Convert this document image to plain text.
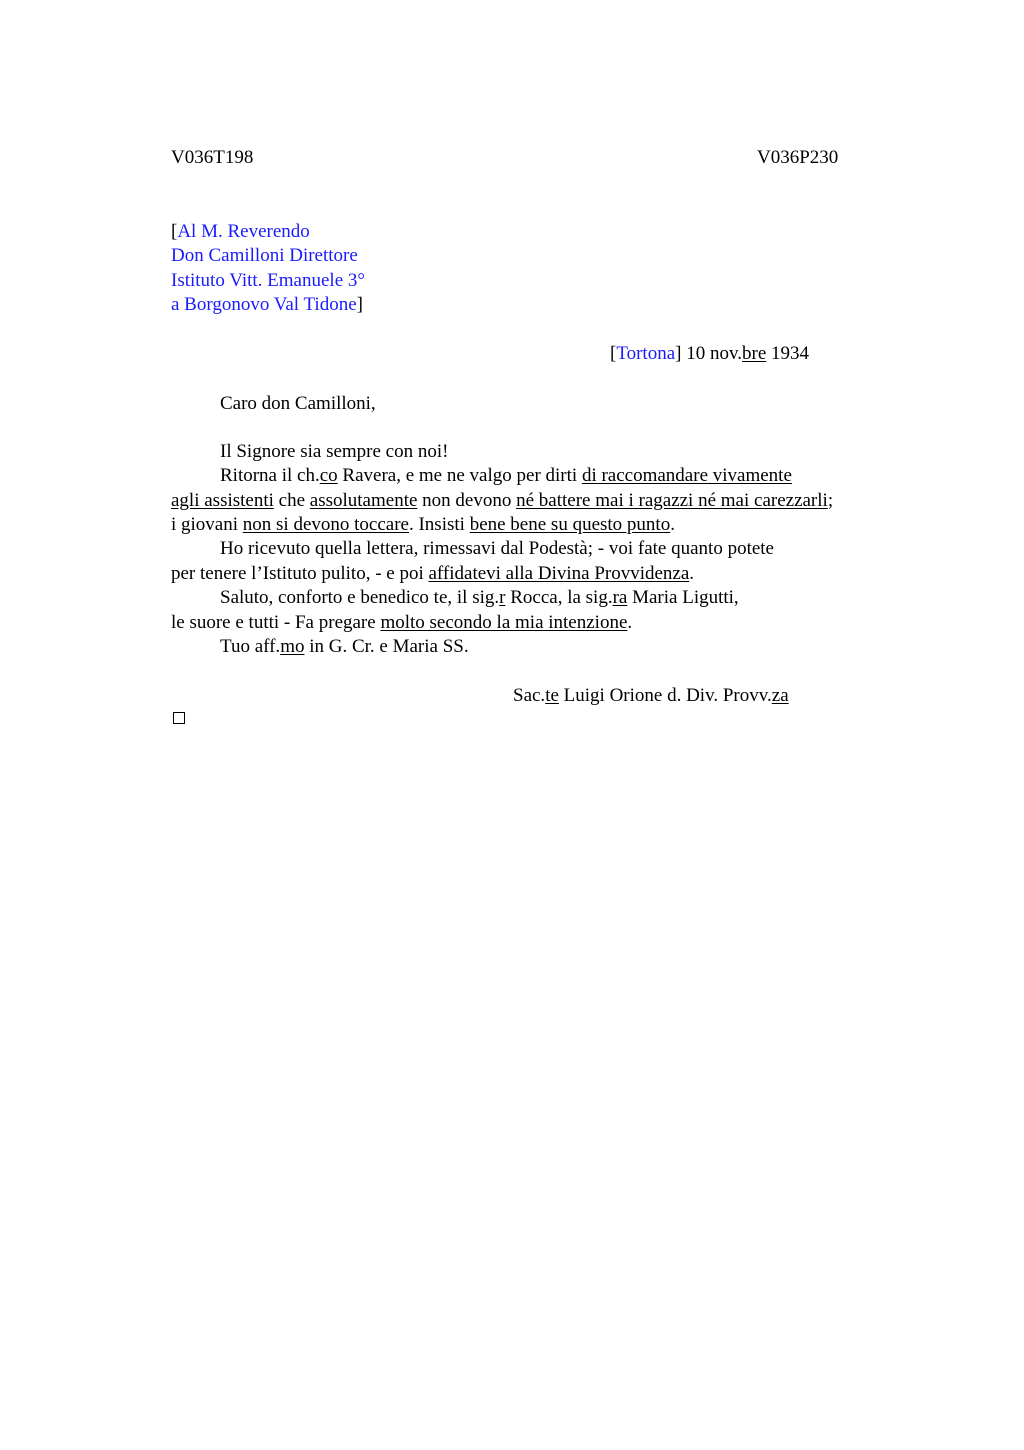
V036T198	V036P230
[Al M. Reverendo
Don Camilloni Direttore
Istituto Vitt. Emanuele 3°
a Borgonovo Val Tidone]
[Tortona] 10 nov.bre 1934
Caro don Camilloni,
Il Signore sia sempre con noi!
Ritorna il ch.co Ravera, e me ne valgo per dirti di raccomandare vivamente
agli assistenti che assolutamente non devono né battere mai i ragazzi né mai carezzarli;
i giovani non si devono toccare. Insisti bene bene su questo punto.
Ho ricevuto quella lettera, rimessavi dal Podestà; - voi fate quanto potete
per tenere l’Istituto pulito, - e poi affidatevi alla Divina Provvidenza.
Saluto, conforto e benedico te, il sig.r Rocca, la sig.ra Maria Ligutti,
le suore e tutti - Fa pregare molto secondo la mia intenzione.
Tuo aff.mo in G. Cr. e Maria SS.
Sac.te Luigi Orione d. Div. Provv.za
